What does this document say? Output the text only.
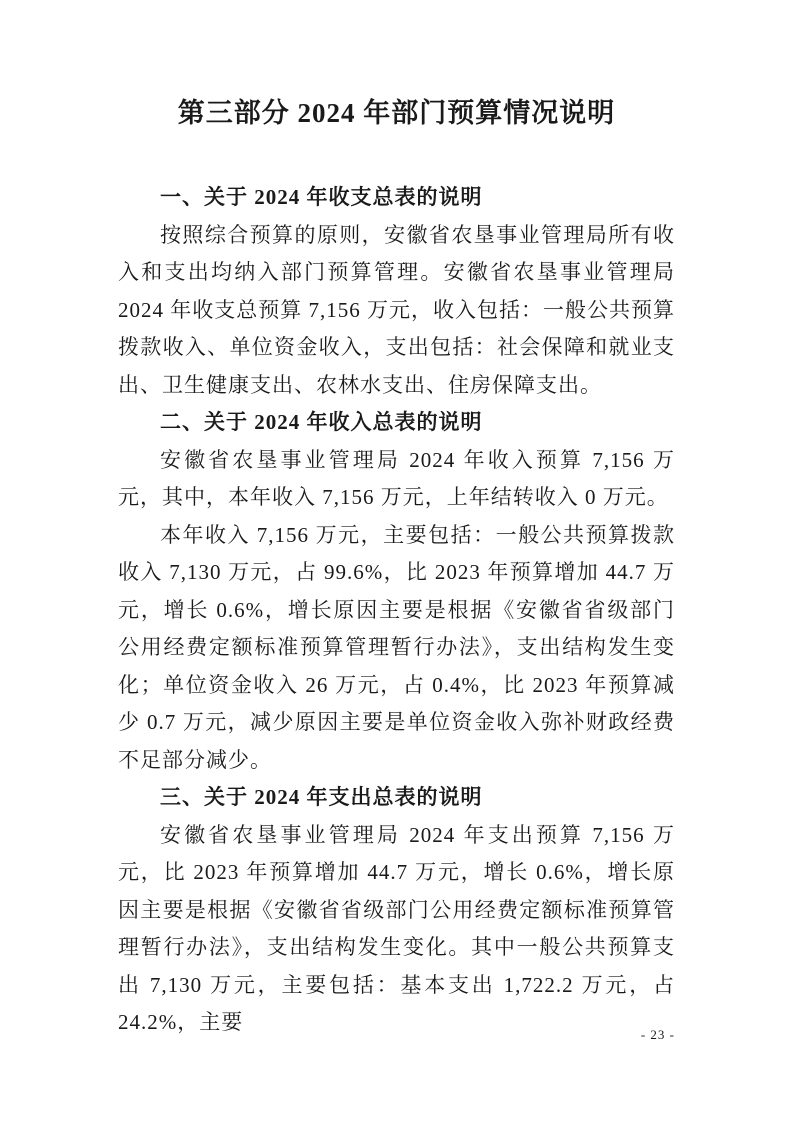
第三部分 2024 年部门预算情况说明
一、关于 2024 年收支总表的说明

按照综合预算的原则，安徽省农垦事业管理局所有收入和支出均纳入部门预算管理。安徽省农垦事业管理局 2024 年收支总预算 7,156 万元，收入包括：一般公共预算拨款收入、单位资金收入，支出包括：社会保障和就业支出、卫生健康支出、农林水支出、住房保障支出。

二、关于 2024 年收入总表的说明

安徽省农垦事业管理局 2024 年收入预算 7,156 万元，其中，本年收入 7,156 万元，上年结转收入 0 万元。

本年收入 7,156 万元，主要包括：一般公共预算拨款收入 7,130 万元，占 99.6%，比 2023 年预算增加 44.7 万元，增长 0.6%，增长原因主要是根据《安徽省省级部门公用经费定额标准预算管理暂行办法》，支出结构发生变化；单位资金收入 26 万元，占 0.4%，比 2023 年预算减少 0.7 万元，减少原因主要是单位资金收入弥补财政经费不足部分减少。

三、关于 2024 年支出总表的说明

安徽省农垦事业管理局 2024 年支出预算 7,156 万元，比 2023 年预算增加 44.7 万元，增长 0.6%，增长原因主要是根据《安徽省省级部门公用经费定额标准预算管理暂行办法》，支出结构发生变化。其中一般公共预算支出 7,130 万元，主要包括：基本支出 1,722.2 万元，占 24.2%，主要

- 23 -
